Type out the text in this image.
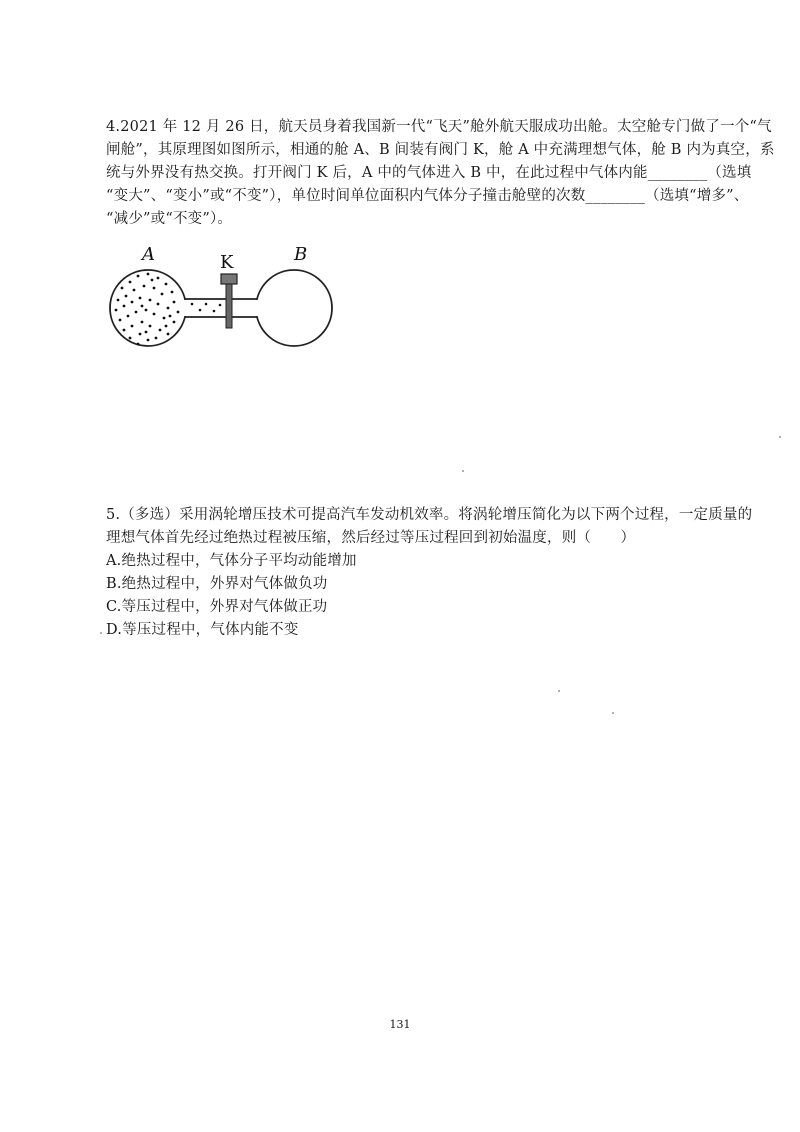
4.2021 年 12 月 26 日，航天员身着我国新一代“飞天”舱外航天服成功出舱。太空舱专门做了一个“气
闸舱”，其原理图如图所示，相通的舱 A、B 间装有阀门 K，舱 A 中充满理想气体，舱 B 内为真空，系
统与外界没有热交换。打开阀门 K 后，A 中的气体进入 B 中，在此过程中气体内能________（选填
“变大”、“变小”或“不变”），单位时间单位面积内气体分子撞击舱壁的次数________（选填“增多”、
“减少”或“不变”）。
A	K	B
5.（多选）采用涡轮增压技术可提高汽车发动机效率。将涡轮增压简化为以下两个过程，一定质量的
理想气体首先经过绝热过程被压缩，然后经过等压过程回到初始温度，则（　　）
A.绝热过程中，气体分子平均动能增加
B.绝热过程中，外界对气体做负功
C.等压过程中，外界对气体做正功
D.等压过程中，气体内能不变
131
